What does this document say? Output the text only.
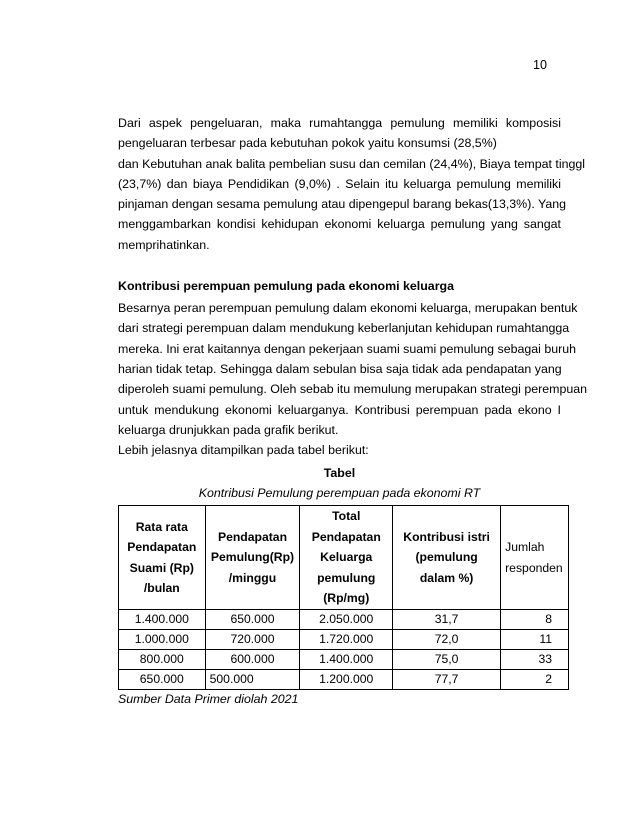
10

Dari aspek pengeluaran, maka rumahtangga pemulung memiliki komposisi
pengeluaran terbesar pada kebutuhan pokok yaitu konsumsi (28,5%)
dan Kebutuhan anak balita pembelian susu dan cemilan (24,4%), Biaya tempat tinggl
(23,7%) dan biaya Pendidikan (9,0%) . Selain itu keluarga pemulung memiliki
pinjaman dengan sesama pemulung atau dipengepul barang bekas(13,3%). Yang
menggambarkan kondisi kehidupan ekonomi keluarga pemulung yang sangat
memprihatinkan.

Kontribusi perempuan pemulung pada ekonomi keluarga

Besarnya peran perempuan pemulung dalam ekonomi keluarga, merupakan bentuk
dari strategi perempuan dalam mendukung keberlanjutan kehidupan rumahtangga
mereka. Ini erat kaitannya dengan pekerjaan suami suami pemulung sebagai buruh
harian tidak tetap. Sehingga dalam sebulan bisa saja tidak ada pendapatan yang
diperoleh suami pemulung. Oleh sebab itu memulung merupakan strategi perempuan
untuk mendukung ekonomi keluarganya. Kontribusi perempuan pada ekono I
keluarga drunjukkan pada grafik berikut.

Lebih jelasnya ditampilkan pada tabel berikut:

Tabel

Kontribusi Pemulung perempuan pada ekonomi RT

Rata rata Pendapatan Suami (Rp) /bulan	Pendapatan Pemulung(Rp) /minggu	Total Pendapatan Keluarga pemulung (Rp/mg)	Kontribusi istri (pemulung dalam %)	Jumlah responden
1.400.000	650.000	2.050.000	31,7	8
1.000.000	720.000	1.720.000	72,0	11
800.000	600.000	1.400.000	75,0	33
650.000	500.000	1.200.000	77,7	2

Sumber Data Primer diolah 2021
